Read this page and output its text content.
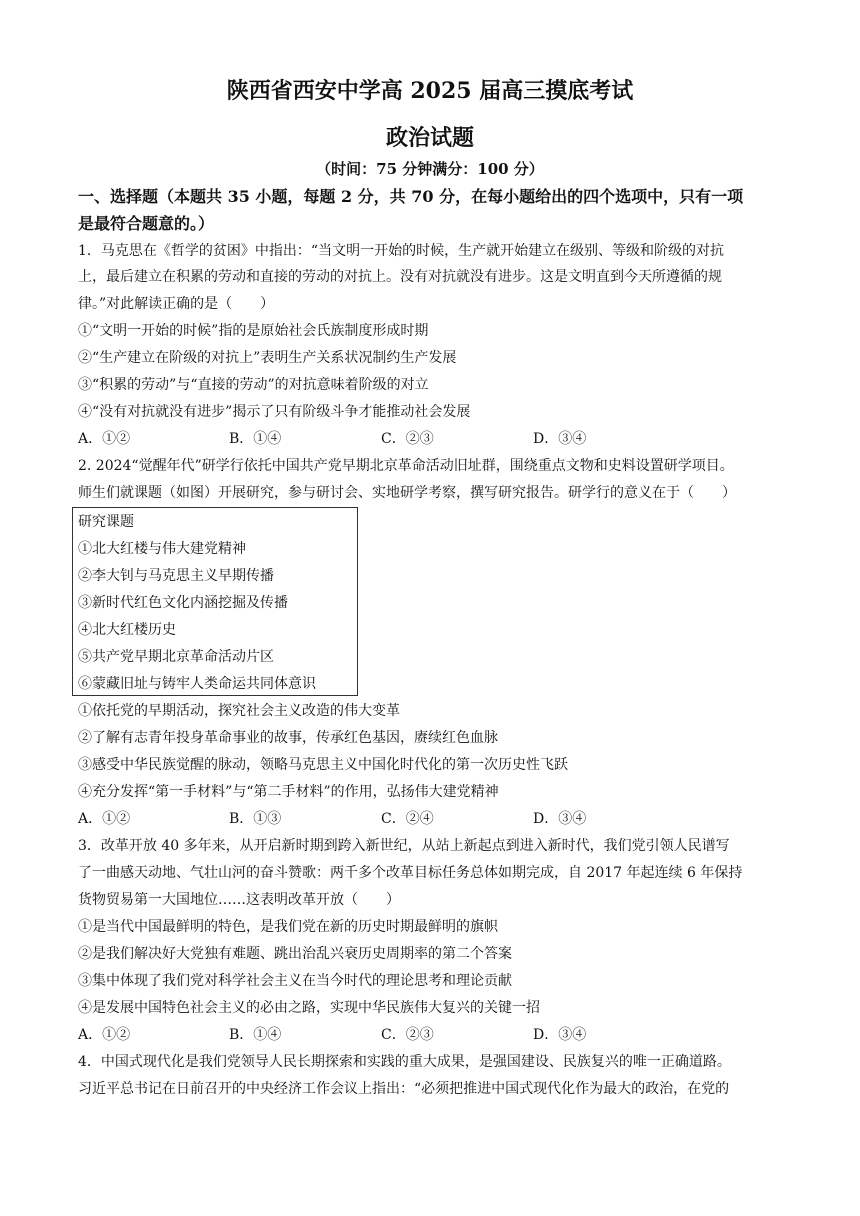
陕西省西安中学高 2025 届高三摸底考试
政治试题
（时间：75 分钟满分：100 分）
一、选择题（本题共 35 小题，每题 2 分，共 70 分，在每小题给出的四个选项中，只有一项
是最符合题意的。）
1．马克思在《哲学的贫困》中指出：“当文明一开始的时候，生产就开始建立在级别、等级和阶级的对抗
上，最后建立在积累的劳动和直接的劳动的对抗上。没有对抗就没有进步。这是文明直到今天所遵循的规
律。”对此解读正确的是（　　）
①“文明一开始的时候”指的是原始社会氏族制度形成时期
②“生产建立在阶级的对抗上”表明生产关系状况制约生产发展
③“积累的劳动”与“直接的劳动”的对抗意味着阶级的对立
④“没有对抗就没有进步”揭示了只有阶级斗争才能推动社会发展
A．①②	B．①④	C．②③	D．③④
2. 2024“觉醒年代”研学行依托中国共产党早期北京革命活动旧址群，围绕重点文物和史料设置研学项目。
师生们就课题（如图）开展研究，参与研讨会、实地研学考察，撰写研究报告。研学行的意义在于（　　）
研究课题
①北大红楼与伟大建党精神
②李大钊与马克思主义早期传播
③新时代红色文化内涵挖掘及传播
④北大红楼历史
⑤共产党早期北京革命活动片区
⑥蒙藏旧址与铸牢人类命运共同体意识
①依托党的早期活动，探究社会主义改造的伟大变革
②了解有志青年投身革命事业的故事，传承红色基因，赓续红色血脉
③感受中华民族觉醒的脉动，领略马克思主义中国化时代化的第一次历史性飞跃
④充分发挥“第一手材料”与“第二手材料”的作用，弘扬伟大建党精神
A．①②	B．①③	C．②④	D．③④
3．改革开放 40 多年来，从开启新时期到跨入新世纪，从站上新起点到进入新时代，我们党引领人民谱写
了一曲感天动地、气壮山河的奋斗赞歌：两千多个改革目标任务总体如期完成，自 2017 年起连续 6 年保持
货物贸易第一大国地位……这表明改革开放（　　）
①是当代中国最鲜明的特色，是我们党在新的历史时期最鲜明的旗帜
②是我们解决好大党独有难题、跳出治乱兴衰历史周期率的第二个答案
③集中体现了我们党对科学社会主义在当今时代的理论思考和理论贡献
④是发展中国特色社会主义的必由之路，实现中华民族伟大复兴的关键一招
A．①②	B．①④	C．②③	D．③④
4．中国式现代化是我们党领导人民长期探索和实践的重大成果，是强国建设、民族复兴的唯一正确道路。
习近平总书记在日前召开的中央经济工作会议上指出：“必须把推进中国式现代化作为最大的政治，在党的
